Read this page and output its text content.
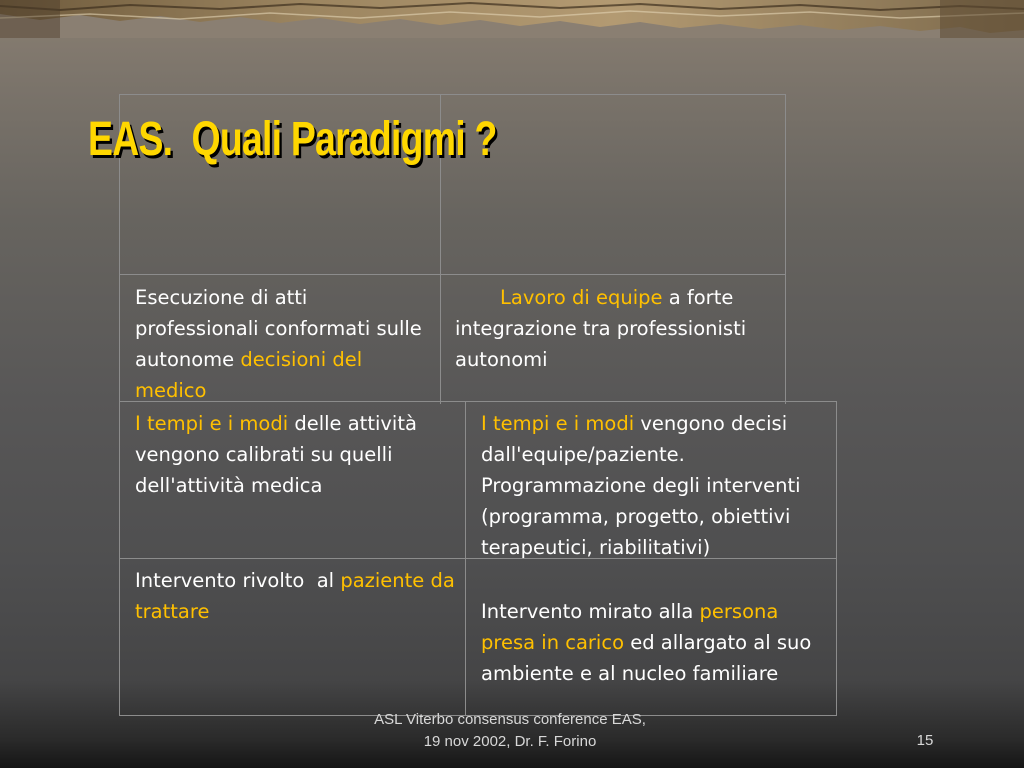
EAS.  Quali Paradigmi ?
Esecuzione di atti professionali conformati sulle autonome decisioni del medico
Lavoro di equipe a forte integrazione tra professionisti     autonomi
I tempi e i modi delle attività vengono calibrati su quelli dell'attività medica
Intervento rivolto  al paziente da trattare
I tempi e i modi vengono decisi dall'equipe/paziente. Programmazione degli interventi (programma, progetto, obiettivi terapeutici, riabilitativi)
Intervento mirato alla persona presa in carico ed allargato al suo ambiente e al nucleo familiare
ASL Viterbo consensus conference EAS,
19 nov 2002, Dr. F. Forino	15
